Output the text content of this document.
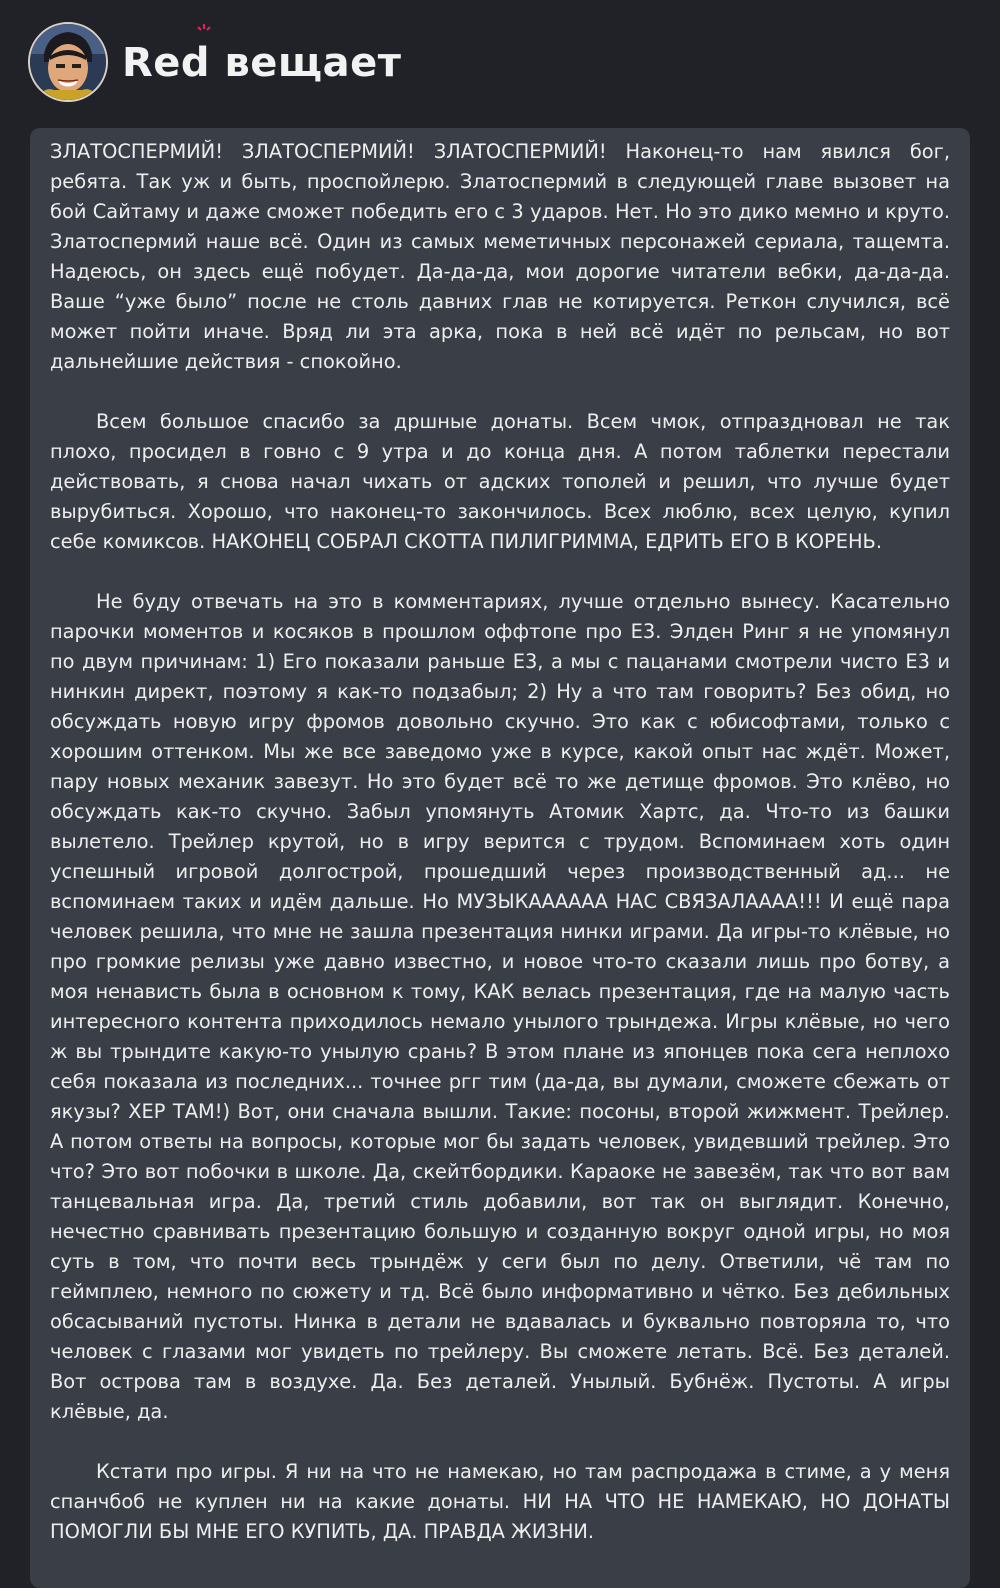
Red вещает

ЗЛАТОСПЕРМИЙ! ЗЛАТОСПЕРМИЙ! ЗЛАТОСПЕРМИЙ! Наконец-то нам явился бог, ребята. Так уж и быть, проспойлерю. Златоспермий в следующей главе вызовет на бой Сайтаму и даже сможет победить его с 3 ударов. Нет. Но это дико мемно и круто. Златоспермий наше всё. Один из самых меметичных персонажей сериала, тащемта. Надеюсь, он здесь ещё побудет. Да-да-да, мои дорогие читатели вебки, да-да-да. Ваше “уже было” после не столь давних глав не котируется. Реткон случился, всё может пойти иначе. Вряд ли эта арка, пока в ней всё идёт по рельсам, но вот дальнейшие действия - спокойно.

Всем большое спасибо за дршные донаты. Всем чмок, отпраздновал не так плохо, просидел в говно с 9 утра и до конца дня. А потом таблетки перестали действовать, я снова начал чихать от адских тополей и решил, что лучше будет вырубиться. Хорошо, что наконец-то закончилось. Всех люблю, всех целую, купил себе комиксов. НАКОНЕЦ СОБРАЛ СКОТТА ПИЛИГРИММА, ЕДРИТЬ ЕГО В КОРЕНЬ.

Не буду отвечать на это в комментариях, лучше отдельно вынесу. Касательно парочки моментов и косяков в прошлом оффтопе про Е3. Элден Ринг я не упомянул по двум причинам: 1) Его показали раньше Е3, а мы с пацанами смотрели чисто Е3 и нинкин директ, поэтому я как-то подзабыл; 2) Ну а что там говорить? Без обид, но обсуждать новую игру фромов довольно скучно. Это как с юбисофтами, только с хорошим оттенком. Мы же все заведомо уже в курсе, какой опыт нас ждёт. Может, пару новых механик завезут. Но это будет всё то же детище фромов. Это клёво, но обсуждать как-то скучно. Забыл упомянуть Атомик Хартс, да. Что-то из башки вылетело. Трейлер крутой, но в игру верится с трудом. Вспоминаем хоть один успешный игровой долгострой, прошедший через производственный ад... не вспоминаем таких и идём дальше. Но МУЗЫКАААААА НАС СВЯЗАЛАААА!!! И ещё пара человек решила, что мне не зашла презентация нинки играми. Да игры-то клёвые, но про громкие релизы уже давно известно, и новое что-то сказали лишь про ботву, а моя ненависть была в основном к тому, КАК велась презентация, где на малую часть интересного контента приходилось немало унылого трындежа. Игры клёвые, но чего ж вы трындите какую-то унылую срань? В этом плане из японцев пока сега неплохо себя показала из последних... точнее ргг тим (да-да, вы думали, сможете сбежать от якузы? ХЕР ТАМ!) Вот, они сначала вышли. Такие: посоны, второй жижмент. Трейлер. А потом ответы на вопросы, которые мог бы задать человек, увидевший трейлер. Это что? Это вот побочки в школе. Да, скейтбордики. Караоке не завезём, так что вот вам танцевальная игра. Да, третий стиль добавили, вот так он выглядит. Конечно, нечестно сравнивать презентацию большую и созданную вокруг одной игры, но моя суть в том, что почти весь трындёж у сеги был по делу. Ответили, чё там по геймплею, немного по сюжету и тд. Всё было информативно и чётко. Без дебильных обсасываний пустоты. Нинка в детали не вдавалась и буквально повторяла то, что человек с глазами мог увидеть по трейлеру. Вы сможете летать. Всё. Без деталей. Вот острова там в воздухе. Да. Без деталей. Унылый. Бубнёж. Пустоты. А игры клёвые, да.

Кстати про игры. Я ни на что не намекаю, но там распродажа в стиме, а у меня спанчбоб не куплен ни на какие донаты. НИ НА ЧТО НЕ НАМЕКАЮ, НО ДОНАТЫ ПОМОГЛИ БЫ МНЕ ЕГО КУПИТЬ, ДА. ПРАВДА ЖИЗНИ.
